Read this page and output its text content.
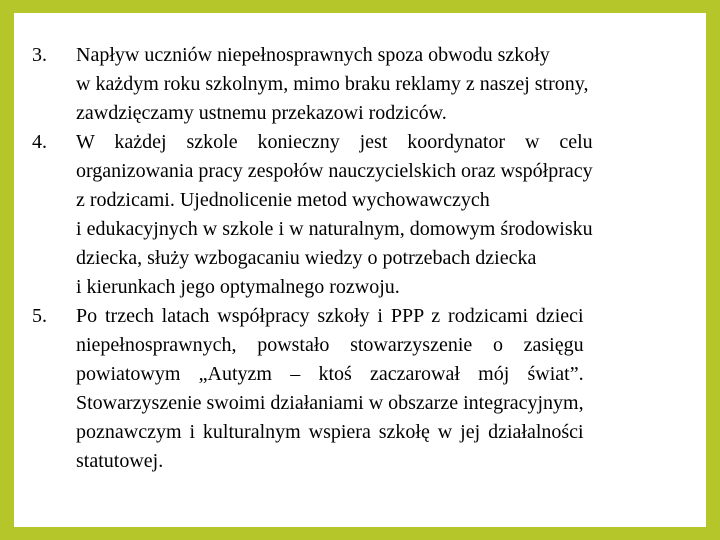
3.	Napływ uczniów niepełnosprawnych spoza obwodu szkoły
w każdym roku szkolnym, mimo braku reklamy z naszej strony,
zawdzięczamy ustnemu przekazowi rodziców.
4.	W każdej szkole konieczny jest koordynator w celu
organizowania pracy zespołów nauczycielskich oraz współpracy
z rodzicami. Ujednolicenie metod wychowawczych
i edukacyjnych w szkole i w naturalnym, domowym środowisku
dziecka, służy wzbogacaniu wiedzy o potrzebach dziecka
i kierunkach jego optymalnego rozwoju.
5.	Po trzech latach współpracy szkoły i PPP z rodzicami dzieci
niepełnosprawnych, powstało stowarzyszenie o zasięgu
powiatowym „Autyzm – ktoś zaczarował mój świat”.
Stowarzyszenie swoimi działaniami w obszarze integracyjnym,
poznawczym i kulturalnym wspiera szkołę w jej działalności
statutowej.
